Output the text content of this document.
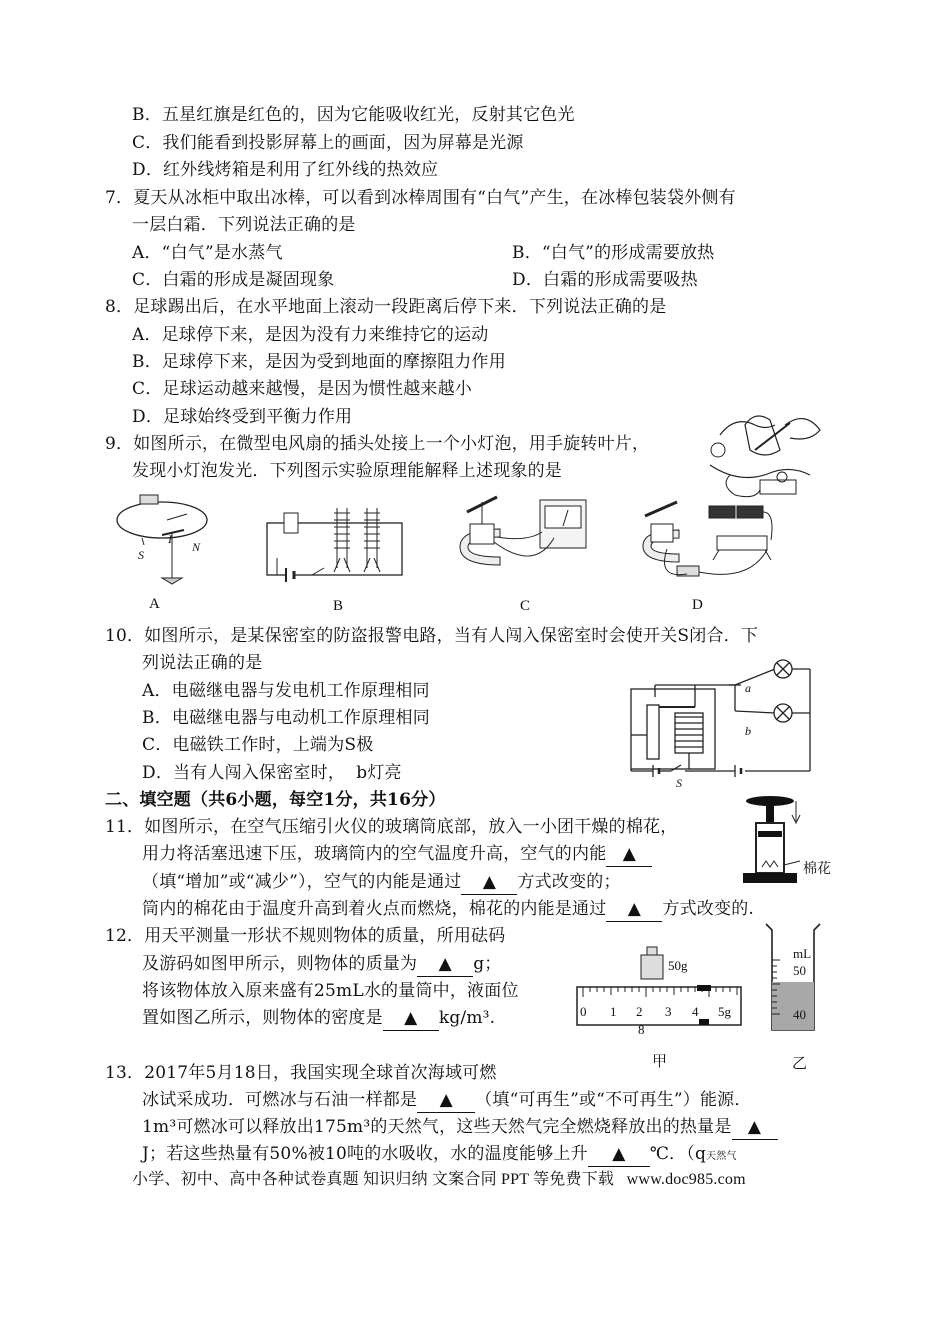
B．五星红旗是红色的，因为它能吸收红光，反射其它色光
C．我们能看到投影屏幕上的画面，因为屏幕是光源
D．红外线烤箱是利用了红外线的热效应
7．夏天从冰柜中取出冰棒，可以看到冰棒周围有“白气”产生，在冰棒包装袋外侧有
一层白霜．下列说法正确的是
A．“白气”是水蒸气	B．“白气”的形成需要放热
C．白霜的形成是凝固现象	D．白霜的形成需要吸热
8．足球踢出后，在水平地面上滚动一段距离后停下来．下列说法正确的是
A．足球停下来，是因为没有力来维持它的运动
B．足球停下来，是因为受到地面的摩擦阻力作用
C．足球运动越来越慢，是因为惯性越来越小
D．足球始终受到平衡力作用
9．如图所示，在微型电风扇的插头处接上一个小灯泡，用手旋转叶片，
发现小灯泡发光．下列图示实验原理能解释上述现象的是
I
S
N
A	B	C	D
10．如图所示，是某保密室的防盗报警电路，当有人闯入保密室时会使开关S闭合．下
列说法正确的是
A．电磁继电器与发电机工作原理相同
B．电磁继电器与电动机工作原理相同
C．电磁铁工作时，上端为S极
D．当有人闯入保密室时，  b灯亮
a
b
S
二、填空题（共6小题，每空1分，共16分）
11．如图所示，在空气压缩引火仪的玻璃筒底部，放入一小团干燥的棉花，
用力将活塞迅速下压，玻璃筒内的空气温度升高，空气的内能 ▲
（填“增加”或“减少”），空气的内能是通过 ▲ 方式改变的；
筒内的棉花由于温度升高到着火点而燃烧，棉花的内能是通过 ▲ 方式改变的.
棉花
12．用天平测量一形状不规则物体的质量，所用砝码
及游码如图甲所示，则物体的质量为 ▲ g；
将该物体放入原来盛有25mL水的量筒中，液面位
置如图乙所示，则物体的密度是 ▲ kg/m³.
50g
0 1 2 3 4 5g
8
mL
50
40
甲	乙
13．2017年5月18日，我国实现全球首次海域可燃
冰试采成功．可燃冰与石油一样都是 ▲ （填“可再生”或“不可再生”）能源．
1m³可燃冰可以释放出175m³的天然气，这些天然气完全燃烧释放出的热量是 ▲
J；若这些热量有50%被10吨的水吸收，水的温度能够上升 ▲ ℃．（q天然气
小学、初中、高中各种试卷真题 知识归纳 文案合同 PPT 等免费下载   www.doc985.com
